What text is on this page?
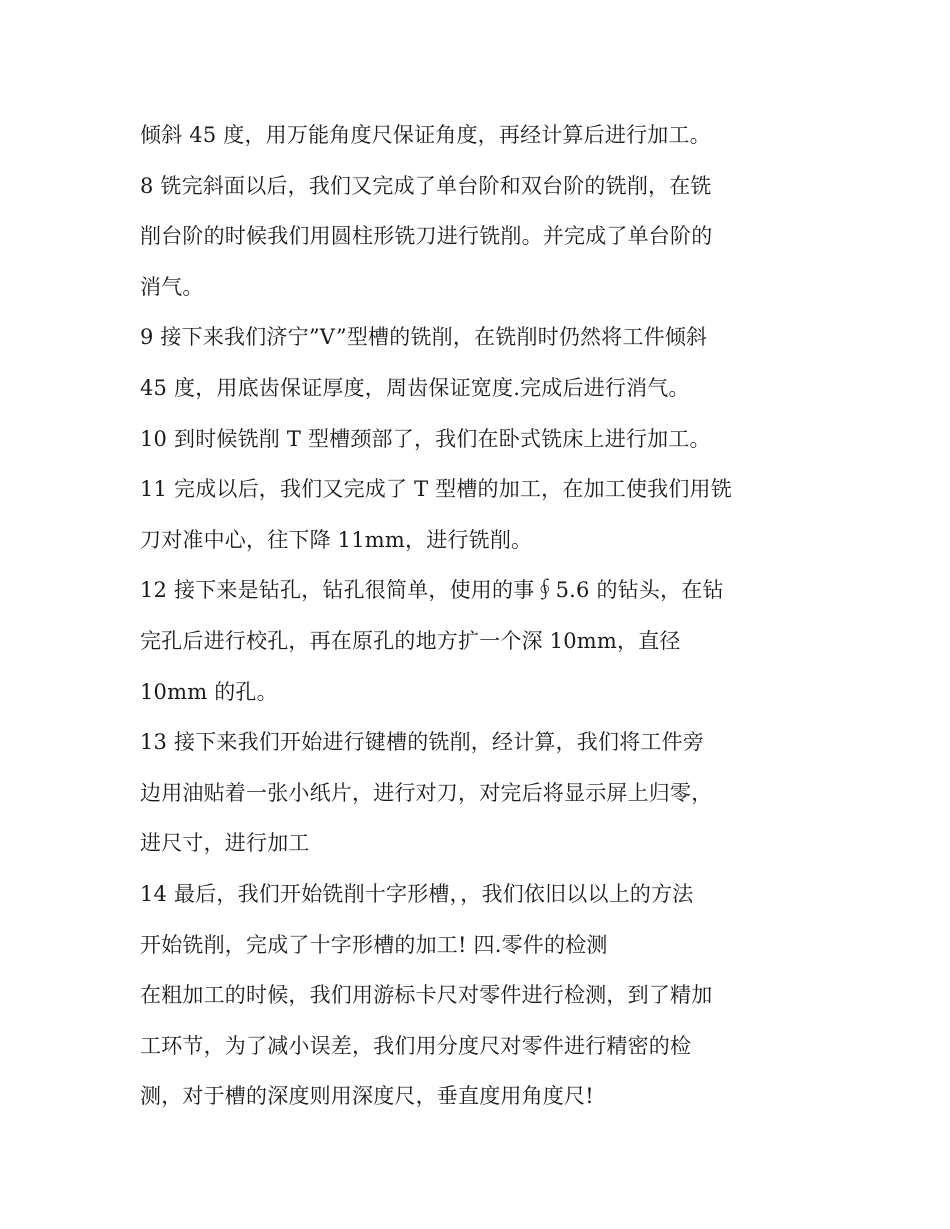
倾斜 45 度，用万能角度尺保证角度，再经计算后进行加工。
8 铣完斜面以后，我们又完成了单台阶和双台阶的铣削，在铣
削台阶的时候我们用圆柱形铣刀进行铣削。并完成了单台阶的
消气。
9 接下来我们济宁”V”型槽的铣削，在铣削时仍然将工件倾斜
45 度，用底齿保证厚度，周齿保证宽度.完成后进行消气。
10 到时候铣削 T 型槽颈部了，我们在卧式铣床上进行加工。
11 完成以后，我们又完成了 T 型槽的加工，在加工使我们用铣
刀对准中心，往下降 11mm，进行铣削。
12 接下来是钻孔，钻孔很简单，使用的事∮5.6 的钻头，在钻
完孔后进行校孔，再在原孔的地方扩一个深 10mm，直径
10mm 的孔。
13 接下来我们开始进行键槽的铣削，经计算，我们将工件旁
边用油贴着一张小纸片，进行对刀，对完后将显示屏上归零，
进尺寸，进行加工
14 最后，我们开始铣削十字形槽，，我们依旧以以上的方法
开始铣削，完成了十字形槽的加工! 四.零件的检测
在粗加工的时候，我们用游标卡尺对零件进行检测，到了精加
工环节，为了减小误差，我们用分度尺对零件进行精密的检
测，对于槽的深度则用深度尺，垂直度用角度尺!
